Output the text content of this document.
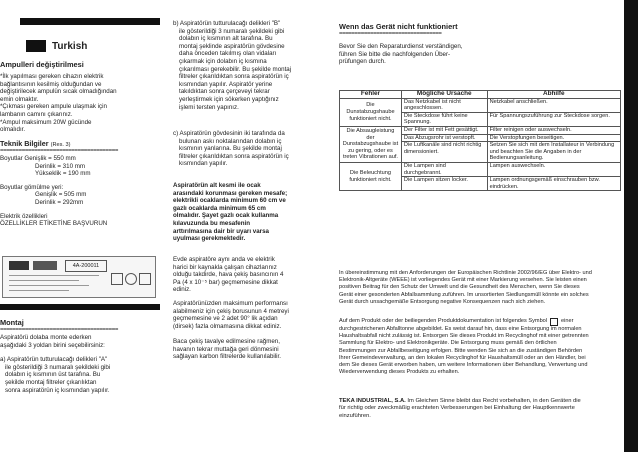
Turkish
Ampulleri değiştirilmesi
*İlk yapılması gereken cihazın elektrik
bağlantısının kesilmiş olduğundan ve
değiştirilecek ampulün sıcak olmadığından
emin olmaktır.
*Çıkması gereken ampule ulaşmak için
lambanın camını çıkarınız.
*Ampul maksimum 20W gücünde
olmalıdır.
Teknik Bilgiler (Res. 3)
======================================
Boyutlar Genişlik = 550 mm
Derinlik = 310 mm
Yükseklik = 190 mm
Boyutlar gömülme yeri:
Genişlik = 505 mm
Derinlik = 292mm
Elektrik özellikleri
ÖZELLİKLER ETİKETİNE BAŞVURUN
4A-200011
Montaj
======================================
Aspiratörü dolaba monte ederken
aşağıdaki 3 yoldan birini seçebilirsiniz:
a) Aspiratörün tutturulacağı delikleri "A"
ile gösterildiği 3 numaralı şekildeki gibi
dolabın iç kısmının üst tarafına. Bu
şekilde montaj filtreler çıkarılıktan
sonra aspiratörün iç kısmından yapılır.
b) Aspiratörün tutturulacağı delikleri "B"
ile gösterildiği 3 numaralı şekildeki gibi
dolabın iç kısmının alt tarafına. Bu
montaj şeklinde aspiratörün gövdesine
daha önceden takılmış olan vidaları
çıkarmak için dolabın iç kısmına
çıkarılması gerekebilir. Bu şekilde montaj
filtreler çıkarıldıktan sonra aspiratörün iç
kısmından yapılır. Aspiratör yerine
takıldıktan sonra çerçeveyi tekrar
yerleştirmek için sökerken yaptığınız
işlemi tersten yapınız.
c) Aspiratörün gövdesinin iki tarafında da
bulunan askı noktalarından dolabın iç
kısmının yanlarına. Bu şekilde montaj
filtreler çıkarıldıktan sonra aspiratörün iç
kısmından yapılır.
Aspiratörün alt kesmi ile ocak
arasındaki korunması gereken mesafe;
elektrikli ocaklarda minimum 60 cm ve
gazlı ocaklarda minimum 65 cm
olmalıdır. Şayet gazlı ocak kullanma
kılavuzunda bu mesafenin
arttırılmasına dair bir uyarı varsa
uyulması gerekmektedir.
Evde aspiratöre aynı anda ve elektrik
harici bir kaynakla çalışan cihazlarınız
olduğu takdirde, hava çekiş basıncının 4
Pa (4 x 10⁻⁵ bar) geçmemesine dikkat
ediniz.
Aspiratörünüzden maksimum performansı
alabilmeniz için çekiş borusunun 4 metreyi
geçmemesine ve 2 adet 90° lik açıdan
(dirsek) fazla olmamasına dikkat ediniz.
Baca çekiş tavalye edilmesine rağmen,
havanın tekrar muttağa geri dönmesini
sağlayan karbon filtrelerde kullanılabilir.
Wenn das Gerät nicht funktioniert
=================================
Bevor Sie den Reparaturdienst verständigen,
führen Sie bitte die nachfolgenden Über-
prüfungen durch.
Fehler	Mögliche Ursache	Abhilfe
Die Dunstabzugshaube funktioniert nicht.	Das Netzkabel ist nicht angeschlossen.	Netzkabel anschließen.
	Die Steckdose führt keine Spannung.	Für Spannungszuführung zur Steckdose sorgen.
Die Absaugleistung der Dunstabzugshaube ist zu gering, oder es treten Vibrationen auf.	Der Filter ist mit Fett gesättigt.	Filter reinigen oder auswechseln.
	Das Abzugsrohr ist verstopft.	Die Verstopfungen beseitigen.
	Die Luftkanäle sind nicht richtig dimensioniert.	Setzen Sie sich mit dem Installateur in Verbindung und beachten Sie die Angaben in der Bedienungsanleitung.
Die Beleuchtung funktioniert nicht.	Die Lampen sind durchgebrannt.	Lampen auswechseln.
	Die Lampen sitzen locker.	Lampen ordnungsgemäß einschrauben bzw. eindrücken.
In übereinstimmung mit den Anforderungen der Europäischen Richtlinie 2002/96/EG über Elektro- und
Elektronik-Altgeräte (WEEE) ist vorliegendes Gerät mit einer Markierung versehen. Sie leisten einen
positiven Beitrag für den Schutz der Umwelt und die Gesundheit des Menschen, wenn Sie dieses
Gerät einer gesonderten Abfallsammlung zuführen. Im unsortierten Siedlungsmüll könnte ein solches
Gerät durch unsachgemäße Entsorgung negative Konsequenzen nach sich ziehen.
Auf dem Produkt oder der beiliegenden Produktdokumentation ist folgendes Symbol	einer
durchgestrichenen Abfalltonne abgebildet. Es weist darauf hin, dass eine Entsorgung im normalen
Haushaltsabfall nicht zulässig ist. Entsorgen Sie dieses Produkt im Recyclinghof mit einer getrennten
Sammlung für Elektro- und Elektronikgeräte. Die Entsorgung muss gemäß den örtlichen
Bestimmungen zur Abfallbeseitigung erfolgen. Bitte wenden Sie sich an die zuständigen Behörden
Ihrer Gemeindeverwaltung, an den lokalen Recyclinghof für Haushaltsmüll oder an den Händler, bei
dem Sie dieses Gerät erworben haben, um weitere Informationen über Behandlung, Verwertung und
Wiederverwendung dieses Produkts zu erhalten.
TEKA INDUSTRIAL, S.A. Im Gleichen Sinne bleibt das Recht vorbehalten, in den Geräten die
für richtig oder zweckmäßig erachteten Verbesserungen bei Einhaltung der Hauptkennwerte
einzuführen.
